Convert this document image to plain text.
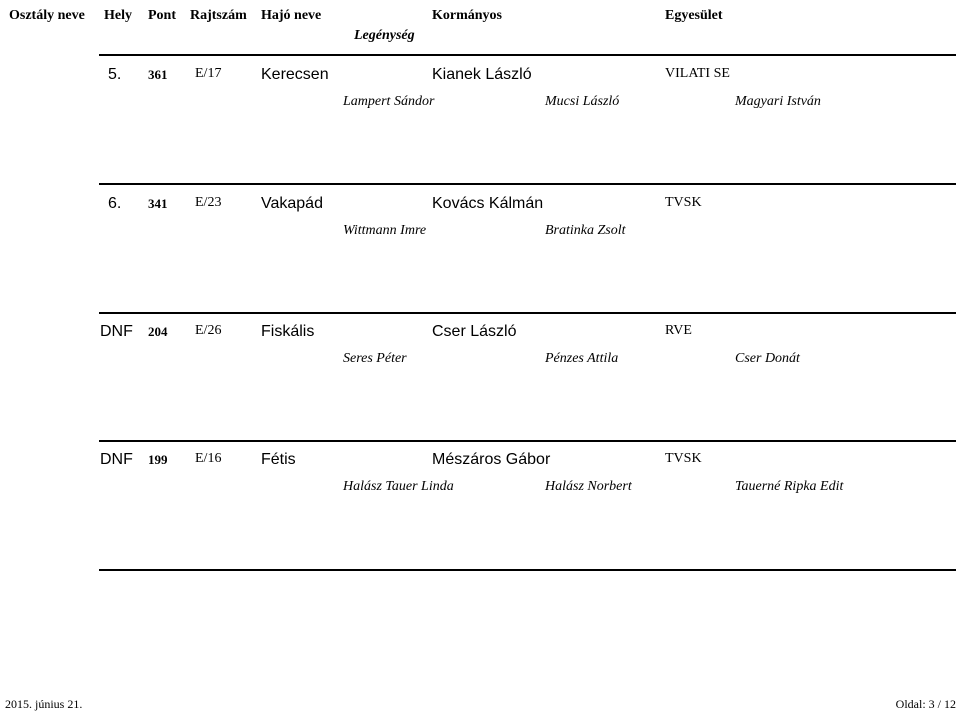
Osztály neve Hely Pont Rajtszám Hajó neve	Kormányos	Egyesület
Legénység
5. 361 E/17 Kerecsen	Kianek László	VILATI SE
Lampert Sándor	Mucsi László	Magyari István
6. 341 E/23 Vakapád	Kovács Kálmán	TVSK
Wittmann Imre	Bratinka Zsolt
DNF 204 E/26 Fiskális	Cser László	RVE
Seres Péter	Pénzes Attila	Cser Donát
DNF 199 E/16 Fétis	Mészáros Gábor	TVSK
Halász Tauer Linda	Halász Norbert	Tauerné Ripka Edit
2015. június 21.	Oldal: 3 / 12
